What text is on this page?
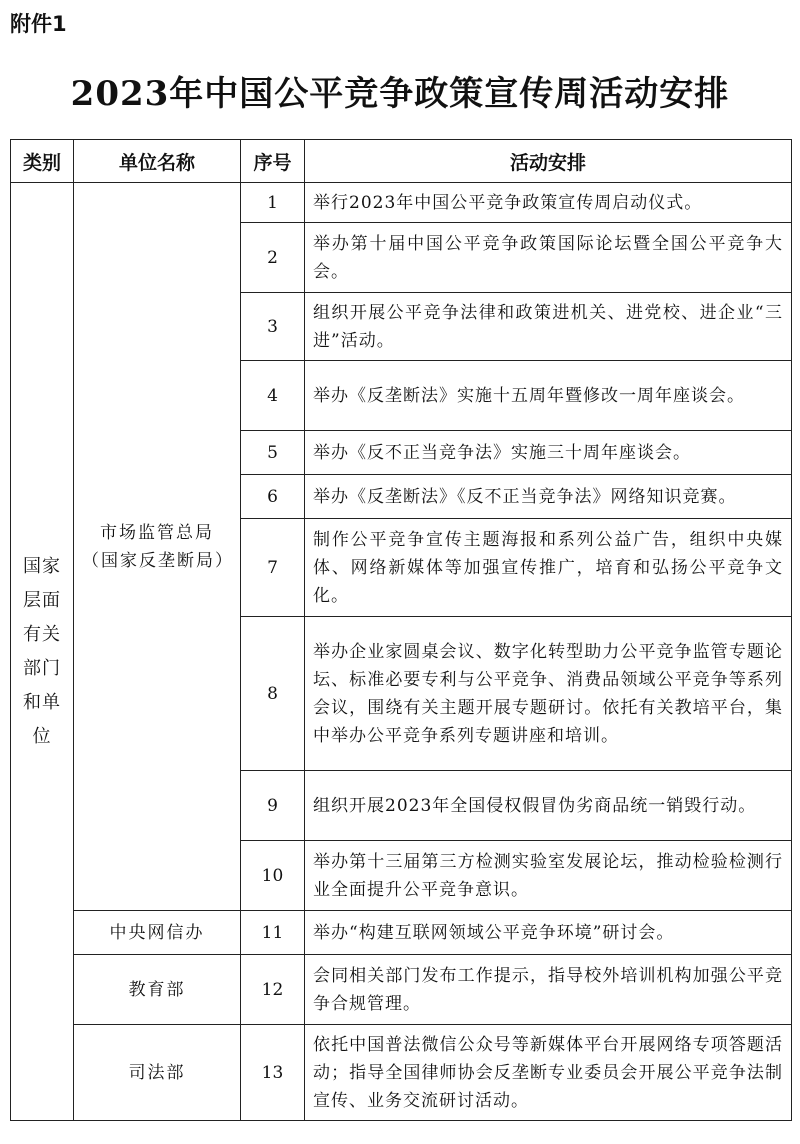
附件1
2023年中国公平竞争政策宣传周活动安排
类别	单位名称	序号	活动安排
国家层面有关部门和单位	市场监管总局（国家反垄断局）	1	举行2023年中国公平竞争政策宣传周启动仪式。
		2	举办第十届中国公平竞争政策国际论坛暨全国公平竞争大会。
		3	组织开展公平竞争法律和政策进机关、进党校、进企业“三进”活动。
		4	举办《反垄断法》实施十五周年暨修改一周年座谈会。
		5	举办《反不正当竞争法》实施三十周年座谈会。
		6	举办《反垄断法》《反不正当竞争法》网络知识竞赛。
		7	制作公平竞争宣传主题海报和系列公益广告，组织中央媒体、网络新媒体等加强宣传推广，培育和弘扬公平竞争文化。
		8	举办企业家圆桌会议、数字化转型助力公平竞争监管专题论坛、标准必要专利与公平竞争、消费品领域公平竞争等系列会议，围绕有关主题开展专题研讨。依托有关教培平台，集中举办公平竞争系列专题讲座和培训。
		9	组织开展2023年全国侵权假冒伪劣商品统一销毁行动。
		10	举办第十三届第三方检测实验室发展论坛，推动检验检测行业全面提升公平竞争意识。
	中央网信办	11	举办“构建互联网领域公平竞争环境”研讨会。
	教育部	12	会同相关部门发布工作提示，指导校外培训机构加强公平竞争合规管理。
	司法部	13	依托中国普法微信公众号等新媒体平台开展网络专项答题活动；指导全国律师协会反垄断专业委员会开展公平竞争法制宣传、业务交流研讨活动。
